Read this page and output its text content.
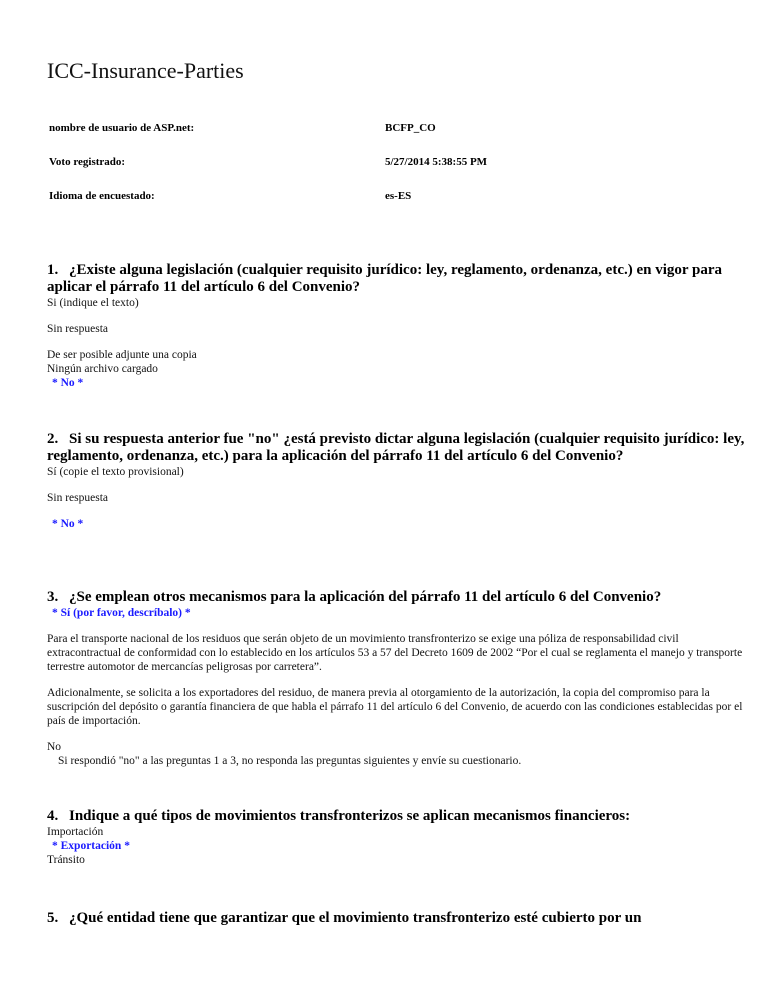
ICC-Insurance-Parties
nombre de usuario de ASP.net:	BCFP_CO
Voto registrado:	5/27/2014 5:38:55 PM
Idioma de encuestado:	es-ES

1. ¿Existe alguna legislación (cualquier requisito jurídico: ley, reglamento, ordenanza, etc.) en vigor para aplicar el párrafo 11 del artículo 6 del Convenio?

Si (indique el texto)
Sin respuesta
De ser posible adjunte una copia
Ningún archivo cargado
* No *

2. Si su respuesta anterior fue "no" ¿está previsto dictar alguna legislación (cualquier requisito jurídico: ley, reglamento, ordenanza, etc.) para la aplicación del párrafo 11 del artículo 6 del Convenio?

Sí (copie el texto provisional)
Sin respuesta
* No *

3. ¿Se emplean otros mecanismos para la aplicación del párrafo 11 del artículo 6 del Convenio?

* Sí (por favor, descríbalo) *
Para el transporte nacional de los residuos que serán objeto de un movimiento transfronterizo se exige una póliza de responsabilidad civil extracontractual de conformidad con lo establecido en los artículos 53 a 57 del Decreto 1609 de 2002 “Por el cual se reglamenta el manejo y transporte terrestre automotor de mercancías peligrosas por carretera”.
Adicionalmente, se solicita a los exportadores del residuo, de manera previa al otorgamiento de la autorización, la copia del compromiso para la suscripción del depósito o garantía financiera de que habla el párrafo 11 del artículo 6 del Convenio, de acuerdo con las condiciones establecidas por el país de importación.
No
Si respondió "no" a las preguntas 1 a 3, no responda las preguntas siguientes y envíe su cuestionario.

4. Indique a qué tipos de movimientos transfronterizos se aplican mecanismos financieros:

Importación
* Exportación *
Tránsito

5. ¿Qué entidad tiene que garantizar que el movimiento transfronterizo esté cubierto por un
